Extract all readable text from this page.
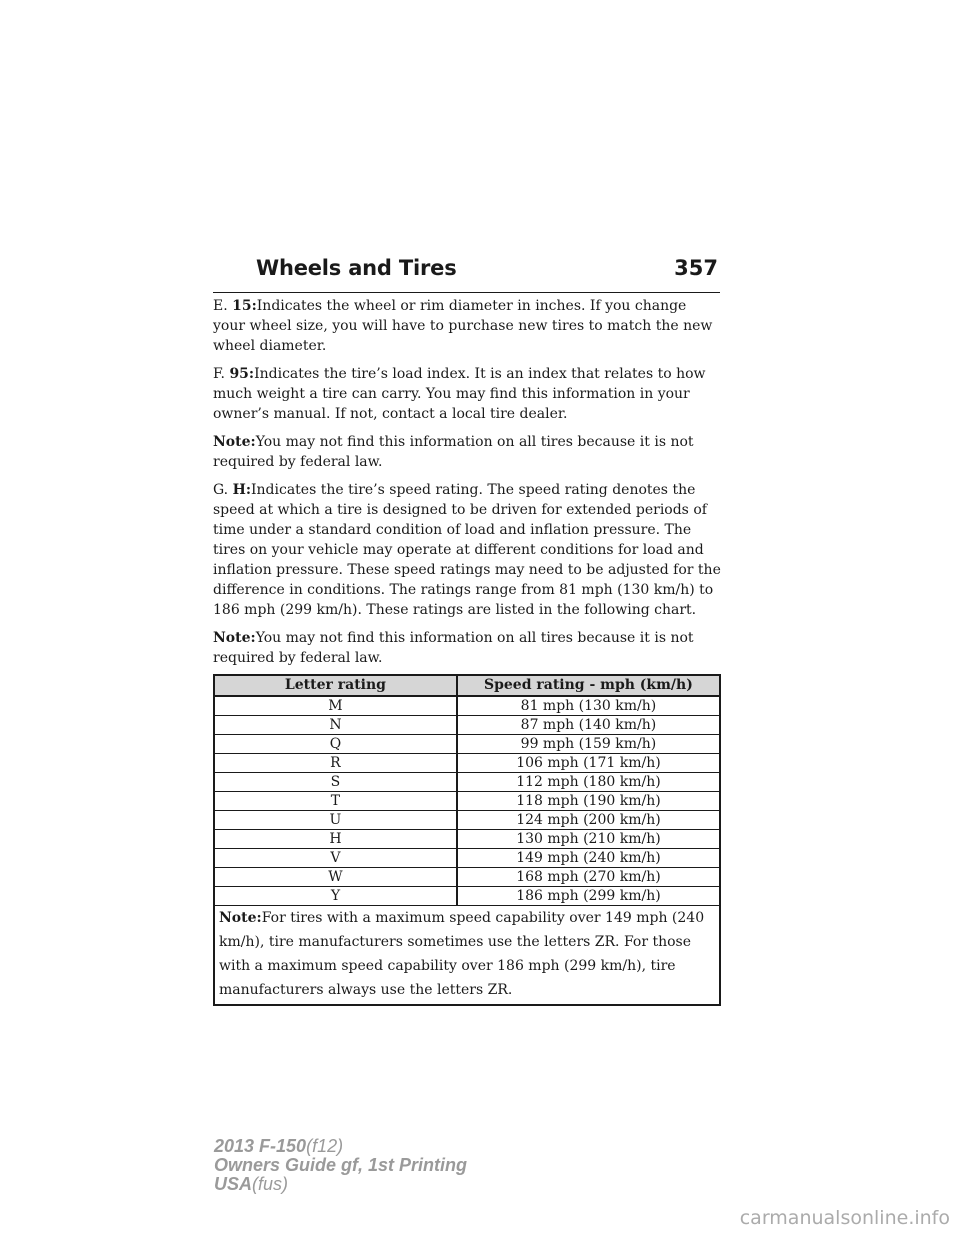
Wheels and Tires	357

E. 15:Indicates the wheel or rim diameter in inches. If you change your wheel size, you will have to purchase new tires to match the new wheel diameter.

F. 95:Indicates the tire’s load index. It is an index that relates to how much weight a tire can carry. You may find this information in your owner’s manual. If not, contact a local tire dealer.

Note:You may not find this information on all tires because it is not required by federal law.

G. H:Indicates the tire’s speed rating. The speed rating denotes the speed at which a tire is designed to be driven for extended periods of time under a standard condition of load and inflation pressure. The tires on your vehicle may operate at different conditions for load and inflation pressure. These speed ratings may need to be adjusted for the difference in conditions. The ratings range from 81 mph (130 km/h) to 186 mph (299 km/h). These ratings are listed in the following chart.

Note:You may not find this information on all tires because it is not required by federal law.

Letter rating	Speed rating - mph (km/h)
M	81 mph (130 km/h)
N	87 mph (140 km/h)
Q	99 mph (159 km/h)
R	106 mph (171 km/h)
S	112 mph (180 km/h)
T	118 mph (190 km/h)
U	124 mph (200 km/h)
H	130 mph (210 km/h)
V	149 mph (240 km/h)
W	168 mph (270 km/h)
Y	186 mph (299 km/h)
Note:For tires with a maximum speed capability over 149 mph (240 km/h), tire manufacturers sometimes use the letters ZR. For those with a maximum speed capability over 186 mph (299 km/h), tire manufacturers always use the letters ZR.	
2013 F-150(f12)
Owners Guide gf, 1st Printing
USA(fus)
carmanualsonline.info
